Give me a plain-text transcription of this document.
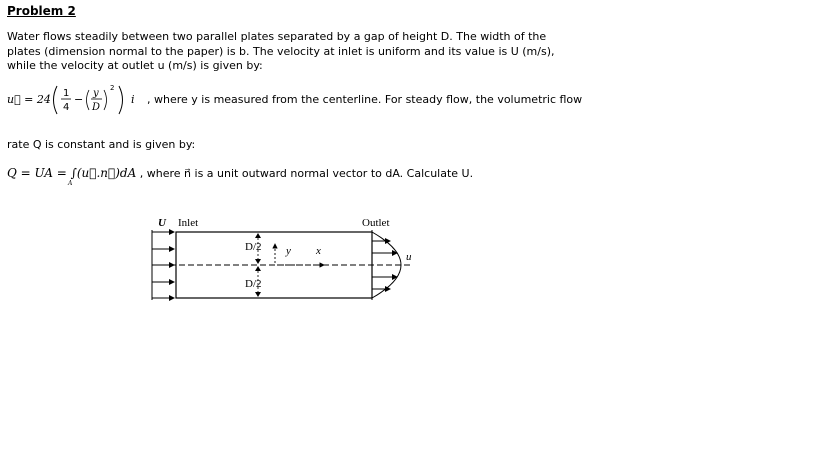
Problem 2
Water flows steadily between two parallel plates separated by a gap of height D. The width of the plates (dimension normal to the paper) is b. The velocity at inlet is uniform and its value is U (m/s), while the velocity at outlet u (m/s) is given by:
u⃗ = 24 1
4
− y
D
2
i , where y is measured from the centerline. For steady flow, the volumetric flow
rate Q is constant and is given by:
Q = UA = ∫(u⃗.n⃗)dA
A
, where n⃗ is a unit outward normal vector to dA. Calculate U.
D/2
D/2
y x
U Inlet	Outlet
u
